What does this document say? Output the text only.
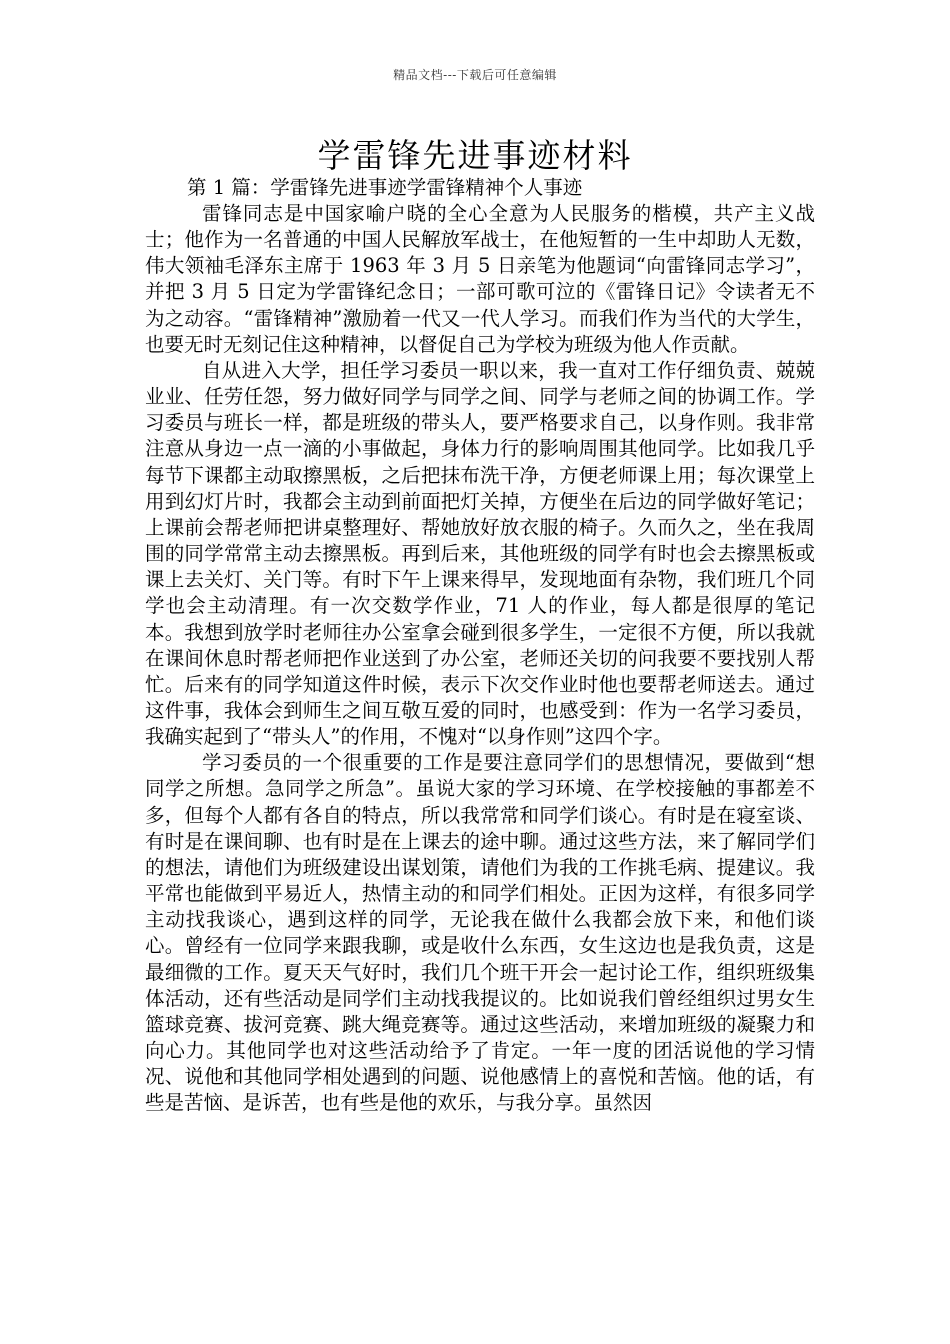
精品文档---下载后可任意编辑
学雷锋先进事迹材料
第 1 篇：学雷锋先进事迹学雷锋精神个人事迹

雷锋同志是中国家喻户晓的全心全意为人民服务的楷模，共产主义战士；他作为一名普通的中国人民解放军战士，在他短暂的一生中却助人无数，伟大领袖毛泽东主席于 1963 年 3 月 5 日亲笔为他题词“向雷锋同志学习”，并把 3 月 5 日定为学雷锋纪念日；一部可歌可泣的《雷锋日记》令读者无不为之动容。“雷锋精神”激励着一代又一代人学习。而我们作为当代的大学生，也要无时无刻记住这种精神，以督促自己为学校为班级为他人作贡献。

自从进入大学，担任学习委员一职以来，我一直对工作仔细负责、兢兢业业、任劳任怨，努力做好同学与同学之间、同学与老师之间的协调工作。学习委员与班长一样，都是班级的带头人，要严格要求自己，以身作则。我非常注意从身边一点一滴的小事做起，身体力行的影响周围其他同学。比如我几乎每节下课都主动取擦黑板，之后把抹布洗干净，方便老师课上用；每次课堂上用到幻灯片时，我都会主动到前面把灯关掉，方便坐在后边的同学做好笔记；上课前会帮老师把讲桌整理好、帮她放好放衣服的椅子。久而久之，坐在我周围的同学常常主动去擦黑板。再到后来，其他班级的同学有时也会去擦黑板或课上去关灯、关门等。有时下午上课来得早，发现地面有杂物，我们班几个同学也会主动清理。有一次交数学作业，71 人的作业，每人都是很厚的笔记本。我想到放学时老师往办公室拿会碰到很多学生，一定很不方便，所以我就在课间休息时帮老师把作业送到了办公室，老师还关切的问我要不要找别人帮忙。后来有的同学知道这件时候，表示下次交作业时他也要帮老师送去。通过这件事，我体会到师生之间互敬互爱的同时，也感受到：作为一名学习委员，我确实起到了“带头人”的作用，不愧对“以身作则”这四个字。

学习委员的一个很重要的工作是要注意同学们的思想情况，要做到“想同学之所想。急同学之所急”。虽说大家的学习环境、在学校接触的事都差不多，但每个人都有各自的特点，所以我常常和同学们谈心。有时是在寝室谈、有时是在课间聊、也有时是在上课去的途中聊。通过这些方法，来了解同学们的想法，请他们为班级建设出谋划策，请他们为我的工作挑毛病、提建议。我平常也能做到平易近人，热情主动的和同学们相处。正因为这样，有很多同学主动找我谈心，遇到这样的同学，无论我在做什么我都会放下来，和他们谈心。曾经有一位同学来跟我聊，或是收什么东西，女生这边也是我负责，这是最细微的工作。夏天天气好时，我们几个班干开会一起讨论工作，组织班级集体活动，还有些活动是同学们主动找我提议的。比如说我们曾经组织过男女生篮球竞赛、拔河竞赛、跳大绳竞赛等。通过这些活动，来增加班级的凝聚力和向心力。其他同学也对这些活动给予了肯定。一年一度的团活说他的学习情况、说他和其他同学相处遇到的问题、说他感情上的喜悦和苦恼。他的话，有些是苦恼、是诉苦，也有些是他的欢乐，与我分享。虽然因
